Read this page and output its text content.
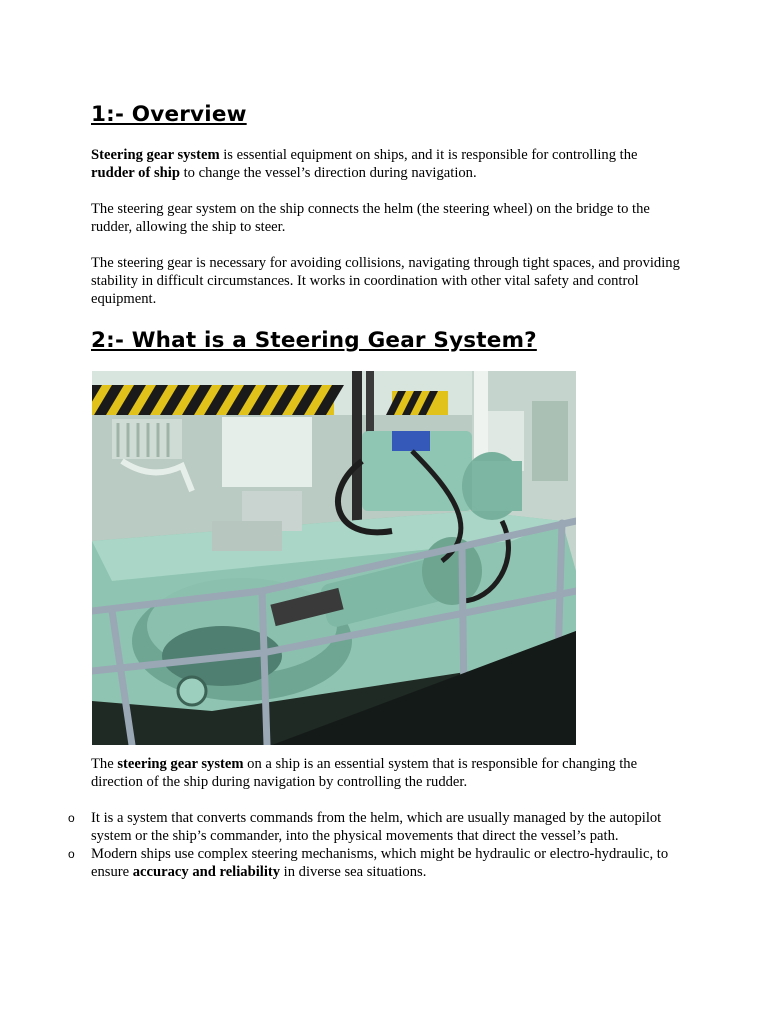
1:- Overview

Steering gear system is essential equipment on ships, and it is responsible for controlling the rudder of ship to change the vessel’s direction during navigation.

The steering gear system on the ship connects the helm (the steering wheel) on the bridge to the rudder, allowing the ship to steer.

The steering gear is necessary for avoiding collisions, navigating through tight spaces, and providing stability in difficult circumstances. It works in coordination with other vital safety and control equipment.

2:- What is a Steering Gear System?

The steering gear system on a ship is an essential system that is responsible for changing the direction of the ship during navigation by controlling the rudder.

o It is a system that converts commands from the helm, which are usually managed by the autopilot system or the ship’s commander, into the physical movements that direct the vessel’s path.
o Modern ships use complex steering mechanisms, which might be hydraulic or electro-hydraulic, to ensure accuracy and reliability in diverse sea situations.
